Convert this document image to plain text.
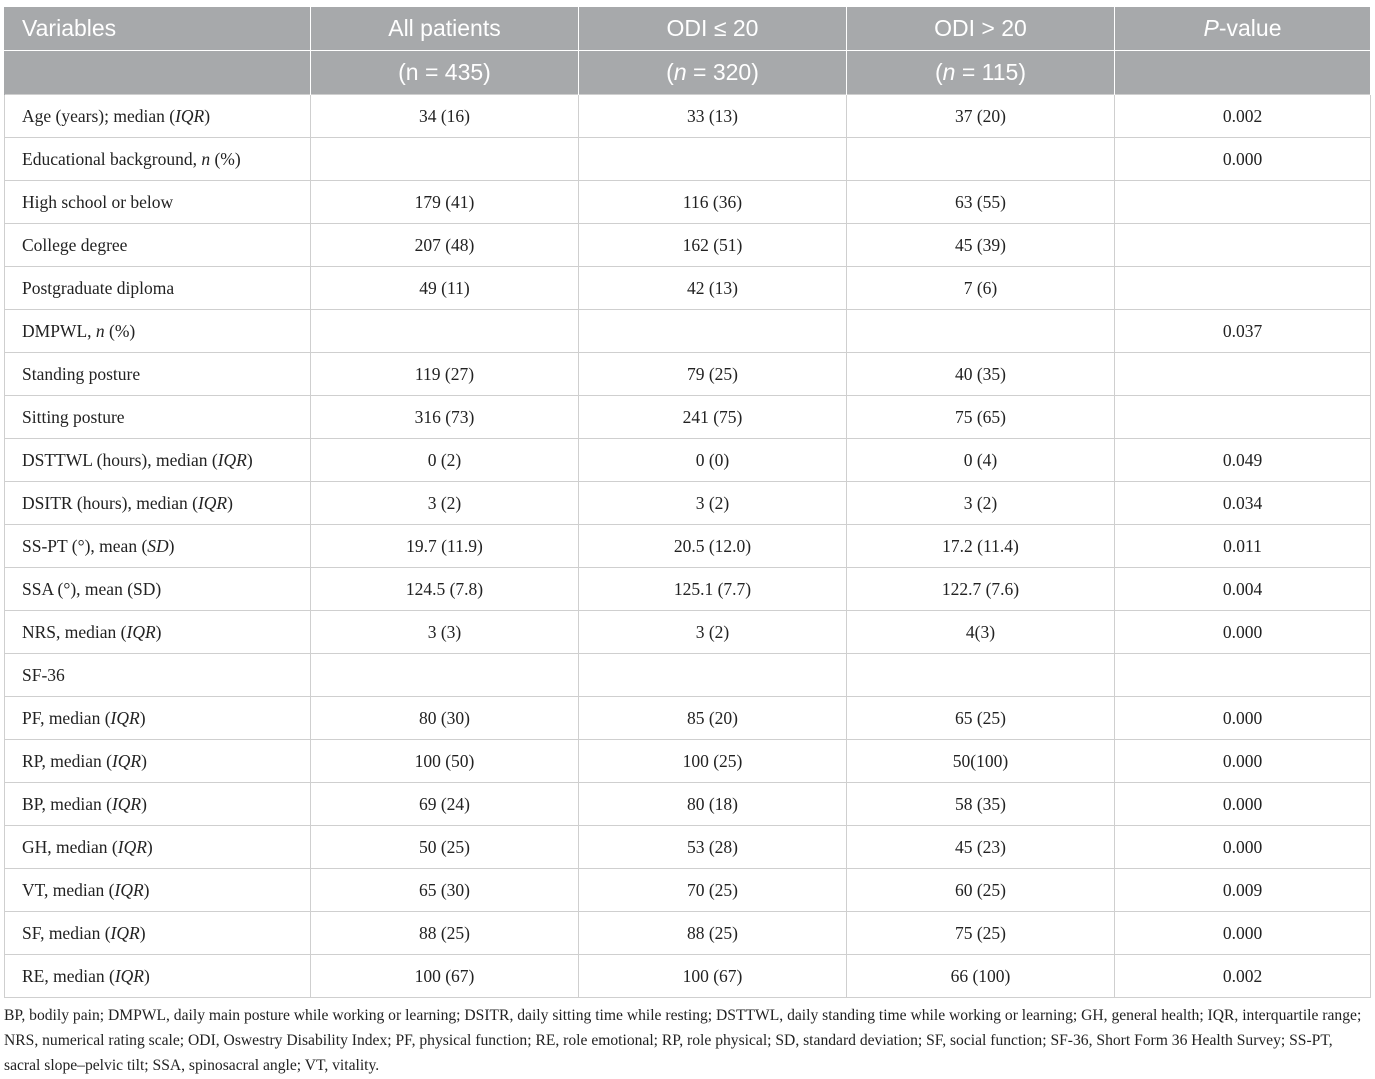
Variables	All patients	ODI ≤ 20	ODI > 20	P-value
	(n = 435)	(n = 320)	(n = 115)	
Age (years); median (IQR)	34 (16)	33 (13)	37 (20)	0.002
Educational background, n (%)				0.000
High school or below	179 (41)	116 (36)	63 (55)	
College degree	207 (48)	162 (51)	45 (39)	
Postgraduate diploma	49 (11)	42 (13)	7 (6)	
DMPWL, n (%)				0.037
Standing posture	119 (27)	79 (25)	40 (35)	
Sitting posture	316 (73)	241 (75)	75 (65)	
DSTTWL (hours), median (IQR)	0 (2)	0 (0)	0 (4)	0.049
DSITR (hours), median (IQR)	3 (2)	3 (2)	3 (2)	0.034
SS-PT (°), mean (SD)	19.7 (11.9)	20.5 (12.0)	17.2 (11.4)	0.011
SSA (°), mean (SD)	124.5 (7.8)	125.1 (7.7)	122.7 (7.6)	0.004
NRS, median (IQR)	3 (3)	3 (2)	4(3)	0.000
SF-36				
PF, median (IQR)	80 (30)	85 (20)	65 (25)	0.000
RP, median (IQR)	100 (50)	100 (25)	50(100)	0.000
BP, median (IQR)	69 (24)	80 (18)	58 (35)	0.000
GH, median (IQR)	50 (25)	53 (28)	45 (23)	0.000
VT, median (IQR)	65 (30)	70 (25)	60 (25)	0.009
SF, median (IQR)	88 (25)	88 (25)	75 (25)	0.000
RE, median (IQR)	100 (67)	100 (67)	66 (100)	0.002
BP, bodily pain; DMPWL, daily main posture while working or learning; DSITR, daily sitting time while resting; DSTTWL, daily standing time while working or learning; GH, general health; IQR, interquartile range; NRS, numerical rating scale; ODI, Oswestry Disability Index; PF, physical function; RE, role emotional; RP, role physical; SD, standard deviation; SF, social function; SF-36, Short Form 36 Health Survey; SS-PT, sacral slope–pelvic tilt; SSA, spinosacral angle; VT, vitality.
